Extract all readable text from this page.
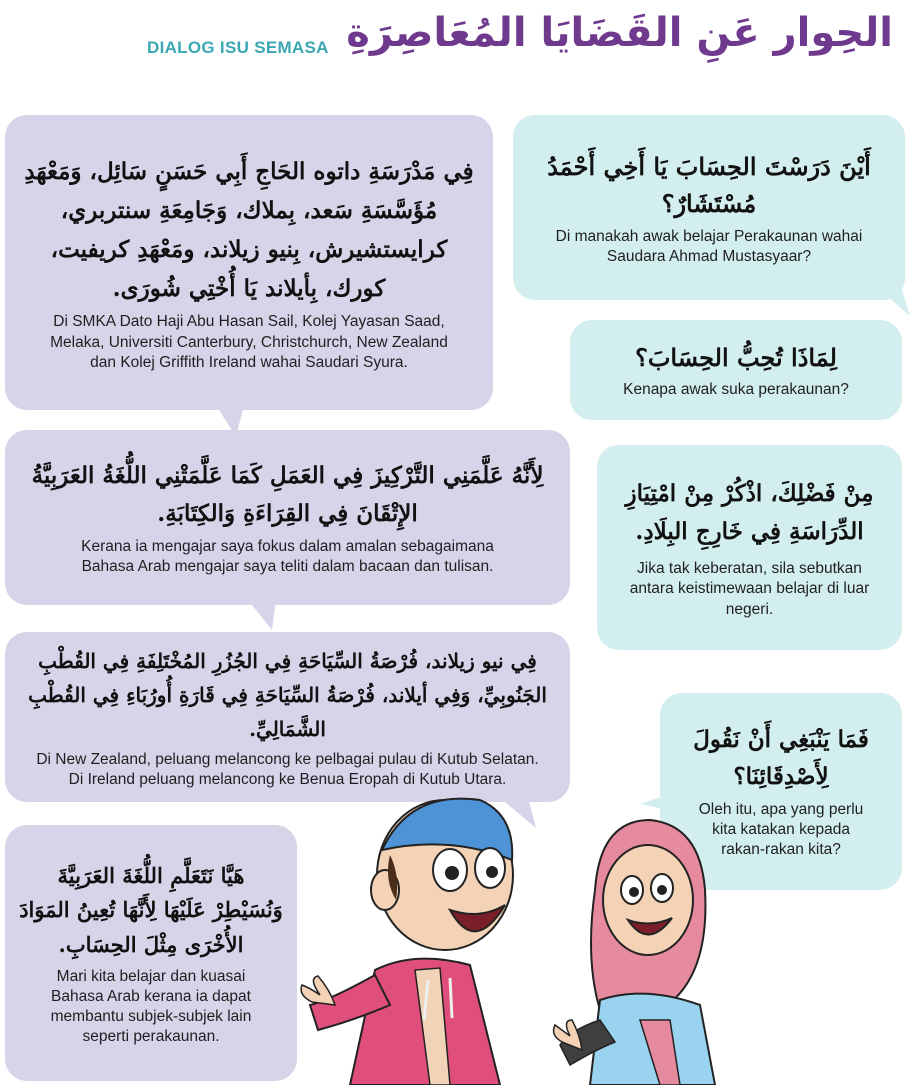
DIALOG ISU SEMASA الحِوار عَنِ القَضَايَا المُعَاصِرَةِ
أَيْنَ دَرَسْتَ الحِسَابَ يَا أَخِي أَحْمَدُ مُسْتَشَارٌ؟
Di manakah awak belajar Perakaunan wahai
Saudara Ahmad Mustasyaar?
فِي مَدْرَسَةِ داتوه الحَاجِ أَبِي حَسَنٍ سَائِل، وَمَعْهَدِ مُؤَسَّسَةِ سَعد، بِملاك، وَجَامِعَةِ سنتربري، كرايستشيرش، بِنيو زيلاند، ومَعْهَدِ كريفيت، كورك، بِأيلاند يَا أُخْتِي شُورَى.
Di SMKA Dato Haji Abu Hasan Sail, Kolej Yayasan Saad,
Melaka, Universiti Canterbury, Christchurch, New Zealand
dan Kolej Griffith Ireland wahai Saudari Syura.	لِمَاذَا تُحِبُّ الحِسَابَ؟
Kenapa awak suka perakaunan?
لِأَنَّهُ عَلَّمَنِي التَّرْكِيزَ فِي العَمَلِ كَمَا عَلَّمَتْنِي اللُّغَةُ العَرَبِيَّةُ الإِتْقَانَ فِي القِرَاءَةِ وَالكِتَابَةِ.
Kerana ia mengajar saya fokus dalam amalan sebagaimana
Bahasa Arab mengajar saya teliti dalam bacaan dan tulisan.
مِنْ فَضْلِكَ، اذْكُرْ مِنْ امْتِيَازِ الدِّرَاسَةِ فِي خَارِجِ البِلَادِ.
Jika tak keberatan, sila sebutkan
antara keistimewaan belajar di luar
negeri.
فِي نيو زيلاند، فُرْصَةُ السِّيَاحَةِ فِي الجُزُرِ المُخْتَلِفَةِ فِي القُطْبِ الجَنُوبِيِّ، وَفِي أيلاند، فُرْصَةُ السِّيَاحَةِ فِي قَارَةِ أُورُبَاءِ فِي القُطْبِ الشَّمَالِيِّ.
Di New Zealand, peluang melancong ke pelbagai pulau di Kutub Selatan.
Di Ireland peluang melancong ke Benua Eropah di Kutub Utara.
فَمَا يَنْبَغِي أَنْ نَقُولَ لِأَصْدِقَائِنَا؟
Oleh itu, apa yang perlu
kita katakan kepada
rakan-rakan kita?
هَيَّا نَتَعَلَّمِ اللُّغَةَ العَرَبِيَّةَ وَنُسَيْطِرْ عَلَيْهَا لِأَنَّهَا تُعِينُ المَوَادَ الأُخْرَى مِثْلَ الحِسَابِ.
Mari kita belajar dan kuasai
Bahasa Arab kerana ia dapat
membantu subjek-subjek lain
seperti perakaunan.
